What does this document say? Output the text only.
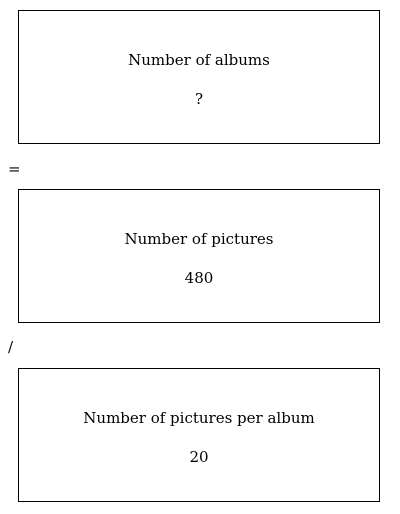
Number of albums
?
=
Number of pictures
480
/
Number of pictures per album
20
